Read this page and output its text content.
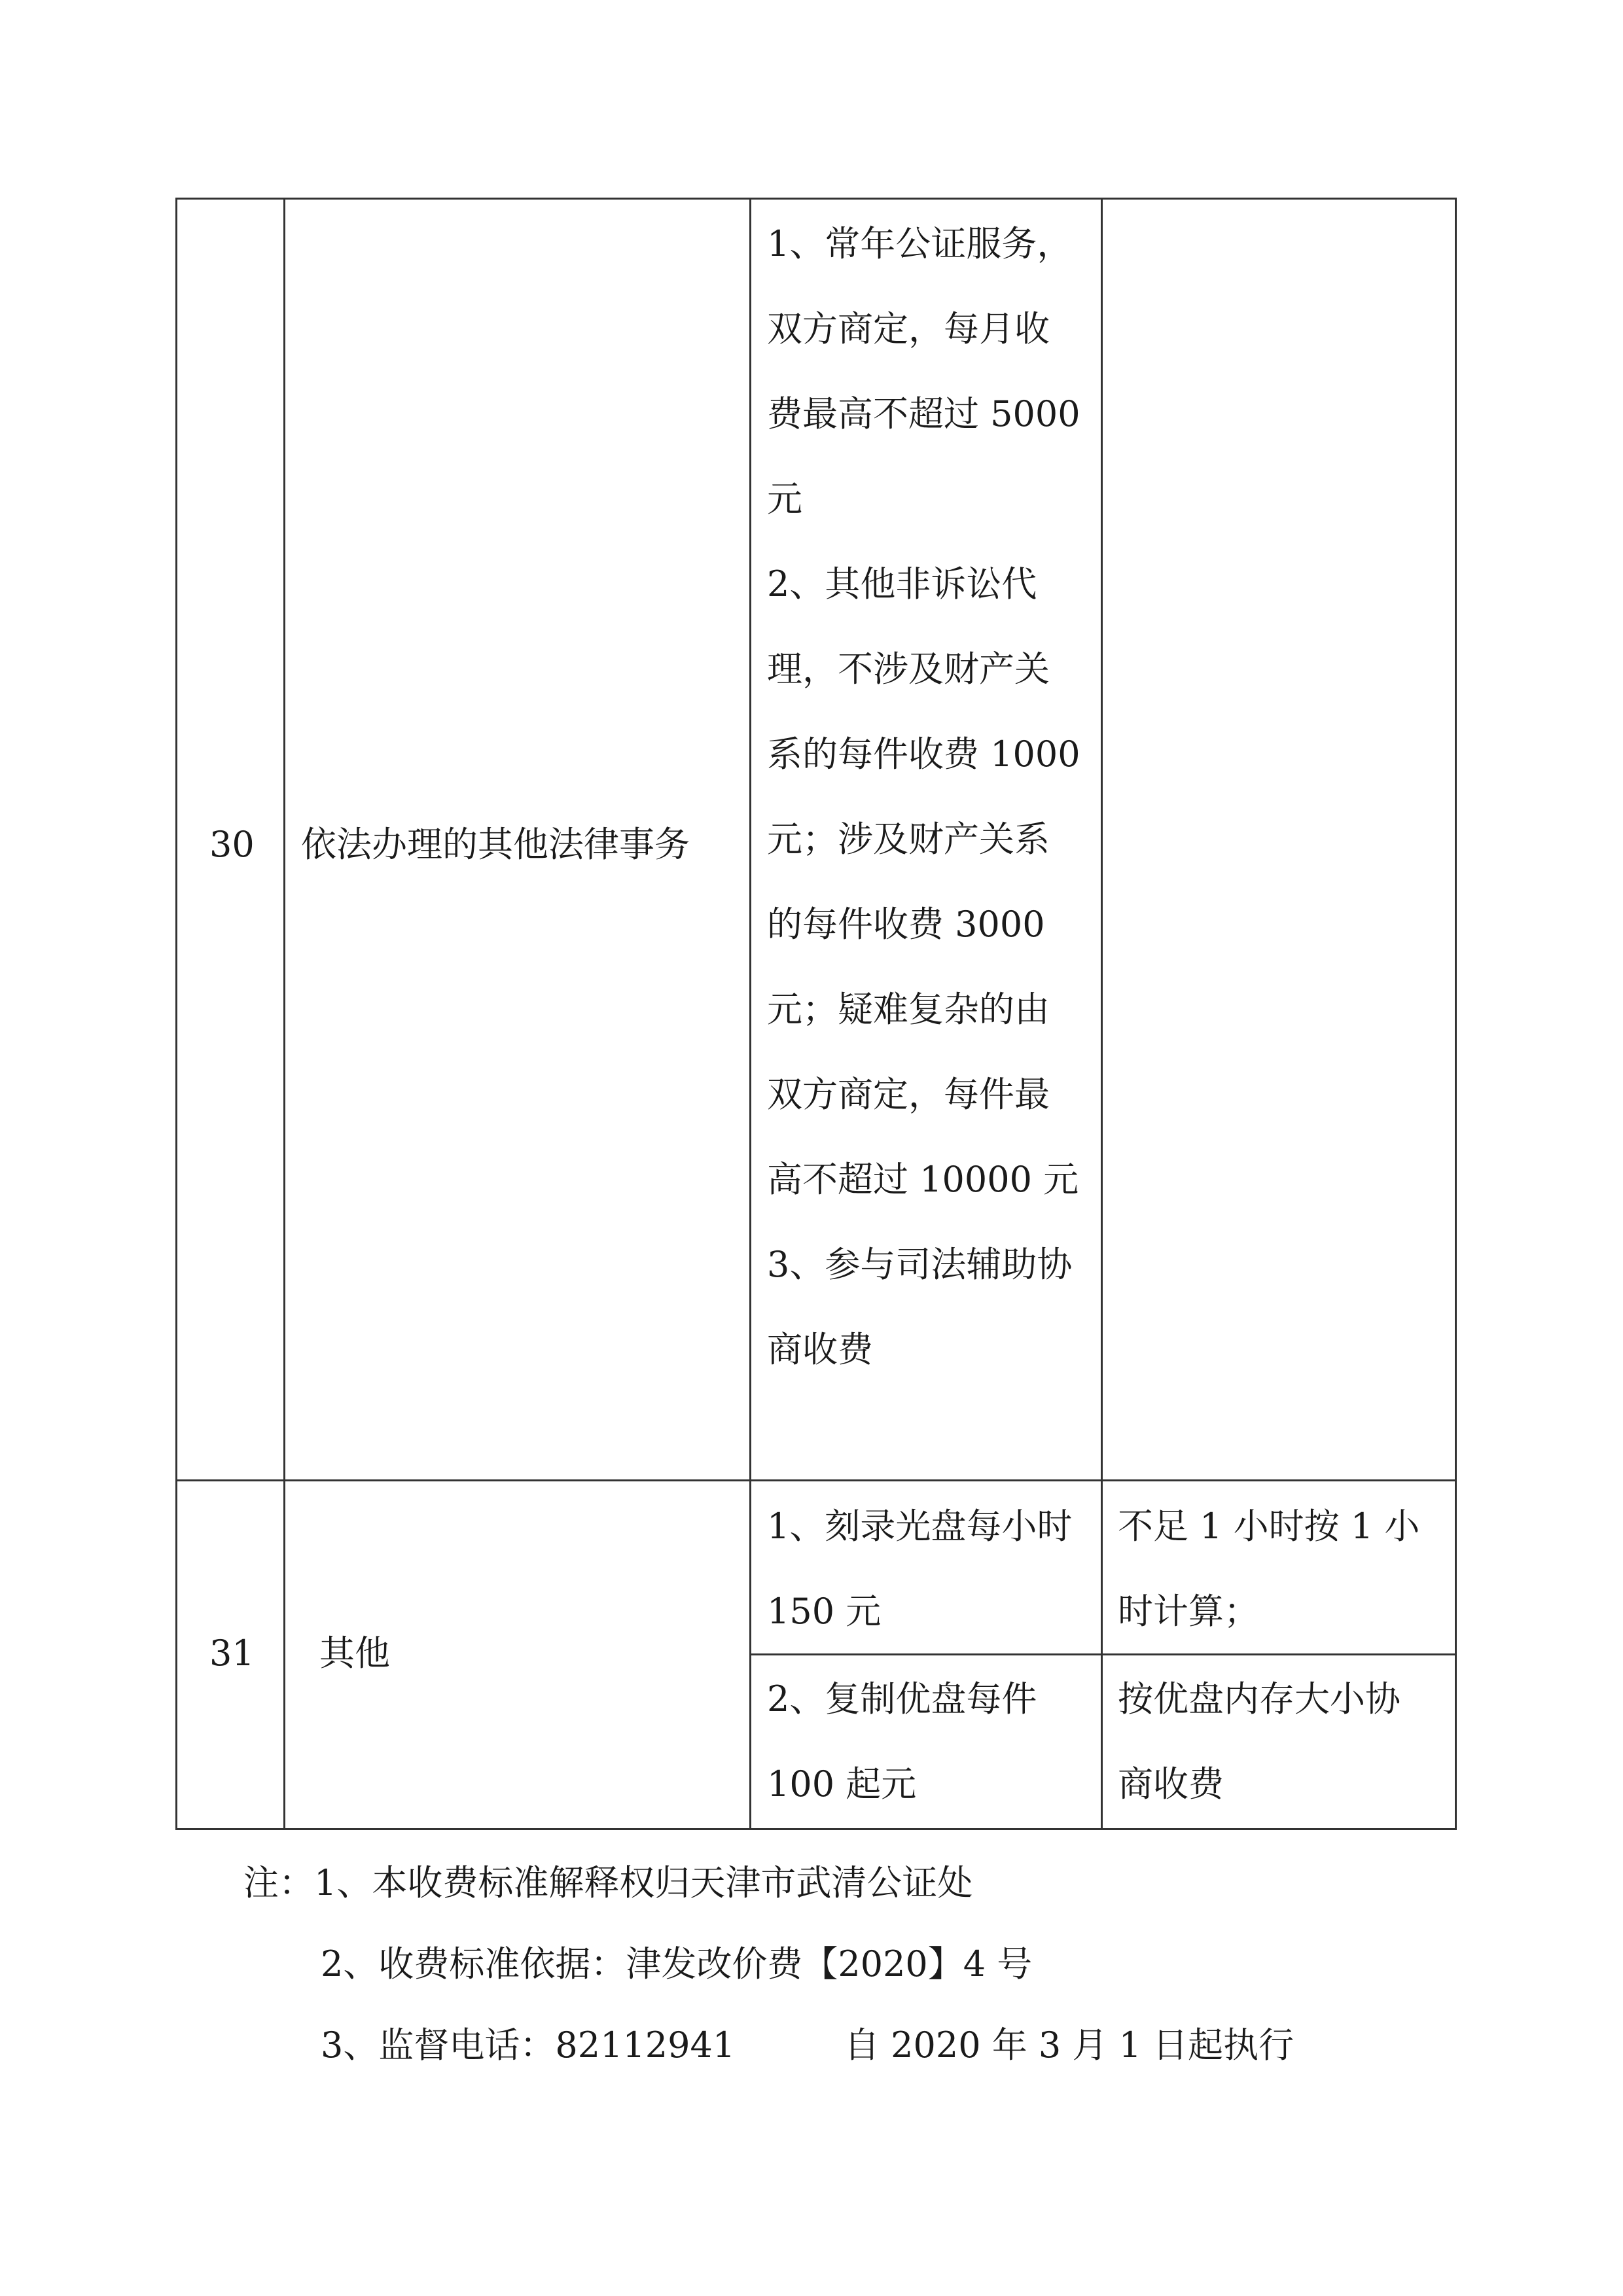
30 依法办理的其他法律事务
1、常年公证服务，
双方商定，每月收
费最高不超过 5000
元
2、其他非诉讼代
理，不涉及财产关
系的每件收费 1000
元；涉及财产关系
的每件收费 3000
元；疑难复杂的由
双方商定，每件最
高不超过 10000 元
3、参与司法辅助协
商收费
31 其他
1、刻录光盘每小时
150 元
不足 1 小时按 1 小
时计算；
2、复制优盘每件
100 起元
按优盘内存大小协
商收费
注：1、本收费标准解释权归天津市武清公证处
2、收费标准依据：津发改价费【2020】4 号
3、监督电话：82112941	自 2020 年 3 月 1 日起执行
